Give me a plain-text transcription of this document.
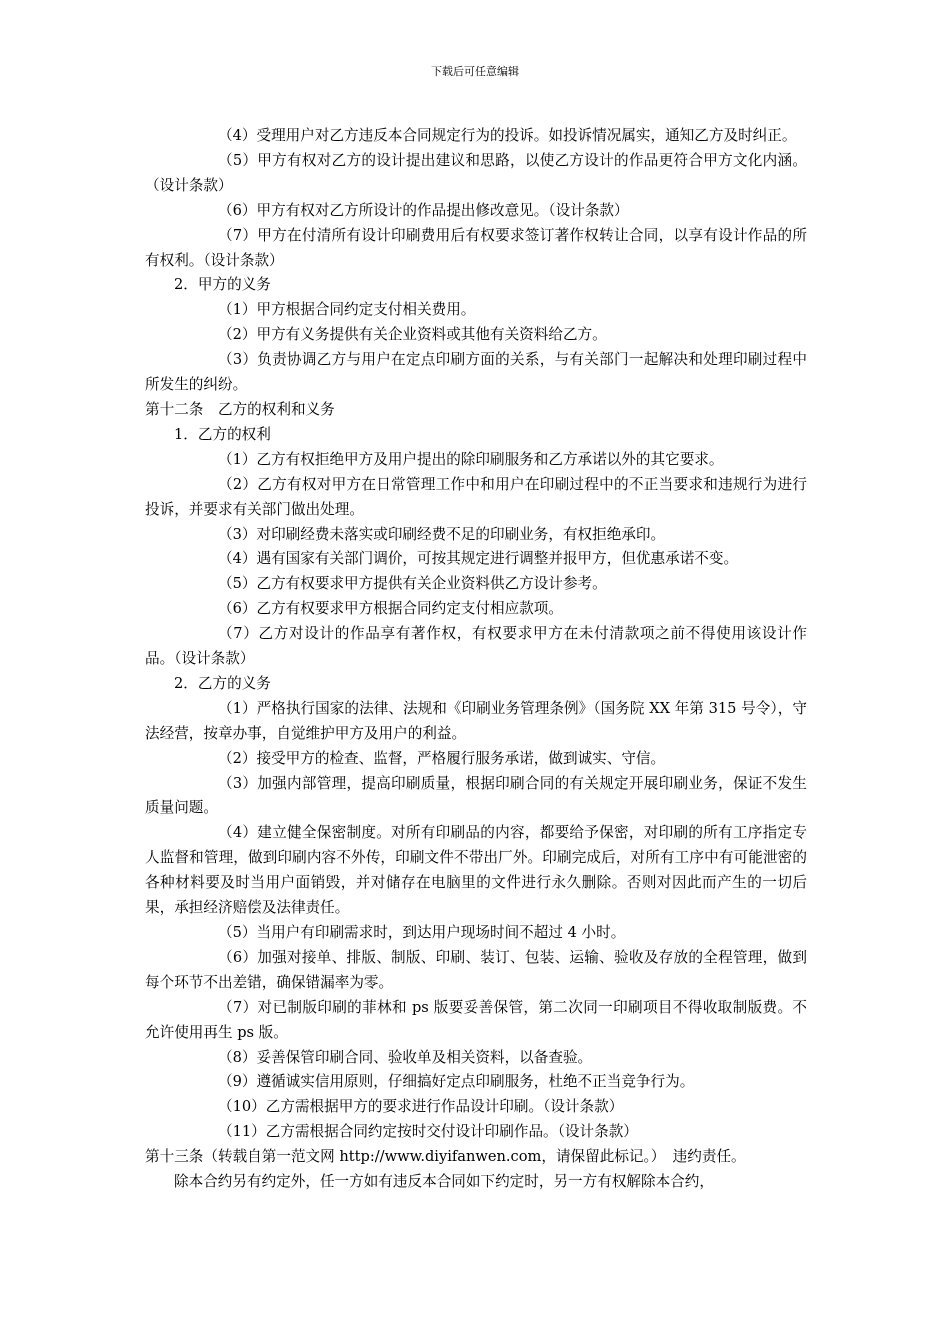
下载后可任意编辑

（4）受理用户对乙方违反本合同规定行为的投诉。如投诉情况属实，通知乙方及时纠正。

（5）甲方有权对乙方的设计提出建议和思路，以使乙方设计的作品更符合甲方文化内涵。（设计条款）

（6）甲方有权对乙方所设计的作品提出修改意见。（设计条款）

（7）甲方在付清所有设计印刷费用后有权要求签订著作权转让合同，以享有设计作品的所有权利。（设计条款）

2．甲方的义务

（1）甲方根据合同约定支付相关费用。

（2）甲方有义务提供有关企业资料或其他有关资料给乙方。

（3）负责协调乙方与用户在定点印刷方面的关系，与有关部门一起解决和处理印刷过程中所发生的纠纷。

第十二条　乙方的权利和义务

1．乙方的权利

（1）乙方有权拒绝甲方及用户提出的除印刷服务和乙方承诺以外的其它要求。

（2）乙方有权对甲方在日常管理工作中和用户在印刷过程中的不正当要求和违规行为进行投诉，并要求有关部门做出处理。

（3）对印刷经费未落实或印刷经费不足的印刷业务，有权拒绝承印。

（4）遇有国家有关部门调价，可按其规定进行调整并报甲方，但优惠承诺不变。

（5）乙方有权要求甲方提供有关企业资料供乙方设计参考。

（6）乙方有权要求甲方根据合同约定支付相应款项。

（7）乙方对设计的作品享有著作权，有权要求甲方在未付清款项之前不得使用该设计作品。（设计条款）

2．乙方的义务

（1）严格执行国家的法律、法规和《印刷业务管理条例》（国务院 XX 年第 315 号令），守法经营，按章办事，自觉维护甲方及用户的利益。

（2）接受甲方的检查、监督，严格履行服务承诺，做到诚实、守信。

（3）加强内部管理，提高印刷质量，根据印刷合同的有关规定开展印刷业务，保证不发生质量问题。

（4）建立健全保密制度。对所有印刷品的内容，都要给予保密，对印刷的所有工序指定专人监督和管理，做到印刷内容不外传，印刷文件不带出厂外。印刷完成后，对所有工序中有可能泄密的各种材料要及时当用户面销毁，并对储存在电脑里的文件进行永久删除。否则对因此而产生的一切后果，承担经济赔偿及法律责任。

（5）当用户有印刷需求时，到达用户现场时间不超过 4 小时。

（6）加强对接单、排版、制版、印刷、装订、包装、运输、验收及存放的全程管理，做到每个环节不出差错，确保错漏率为零。

（7）对已制版印刷的菲林和 ps 版要妥善保管，第二次同一印刷项目不得收取制版费。不允许使用再生 ps 版。

（8）妥善保管印刷合同、验收单及相关资料，以备查验。

（9）遵循诚实信用原则，仔细搞好定点印刷服务，杜绝不正当竞争行为。

（10）乙方需根据甲方的要求进行作品设计印刷。（设计条款）

（11）乙方需根据合同约定按时交付设计印刷作品。（设计条款）

第十三条（转载自第一范文网 http://www.diyifanwen.com，请保留此标记。）　违约责任。

除本合约另有约定外，任一方如有违反本合同如下约定时，另一方有权解除本合约，
